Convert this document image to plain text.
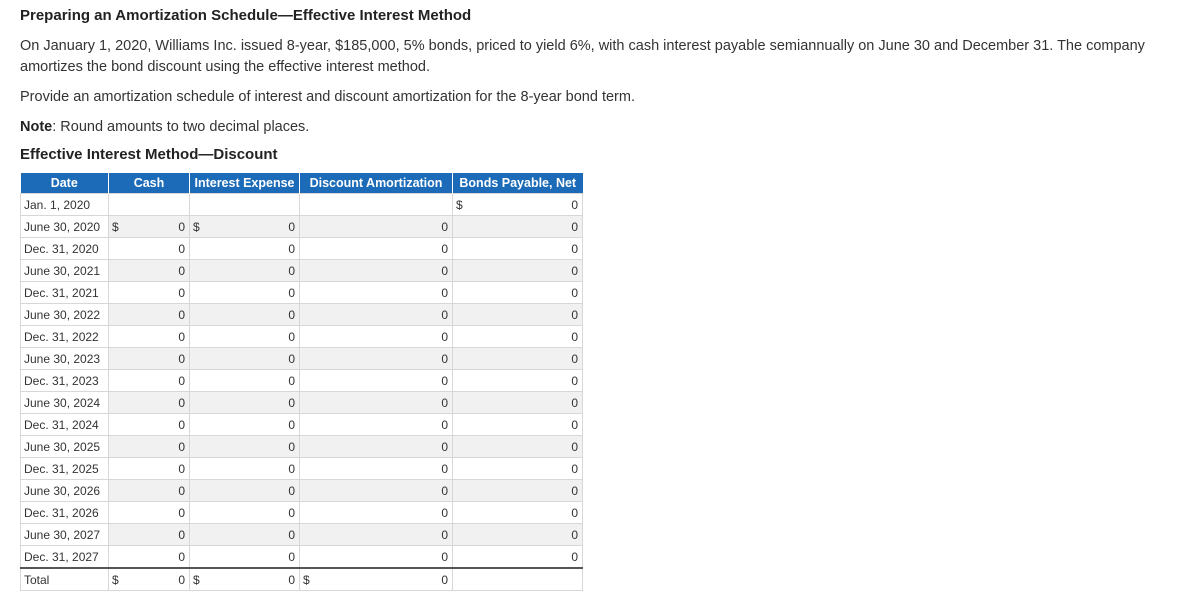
Preparing an Amortization Schedule—Effective Interest Method

On January 1, 2020, Williams Inc. issued 8-year, $185,000, 5% bonds, priced to yield 6%, with cash interest payable semiannually on June 30 and December 31. The company amortizes the bond discount using the effective interest method.

Provide an amortization schedule of interest and discount amortization for the 8-year bond term.

Note: Round amounts to two decimal places.
Effective Interest Method—Discount
Date	Cash	Interest Expense	Discount Amortization	Bonds Payable, Net
Jan. 1, 2020				$ 0

June 30, 2020	$ 0	$ 0	0	0

Dec. 31, 2020	0	0	0	0

June 30, 2021	0	0	0	0

Dec. 31, 2021	0	0	0	0

June 30, 2022	0	0	0	0

Dec. 31, 2022	0	0	0	0

June 30, 2023	0	0	0	0

Dec. 31, 2023	0	0	0	0

June 30, 2024	0	0	0	0

Dec. 31, 2024	0	0	0	0

June 30, 2025	0	0	0	0

Dec. 31, 2025	0	0	0	0

June 30, 2026	0	0	0	0

Dec. 31, 2026	0	0	0	0

June 30, 2027	0	0	0	0

Dec. 31, 2027	0	0	0	0

Total	$ 0	$ 0	$ 0	
